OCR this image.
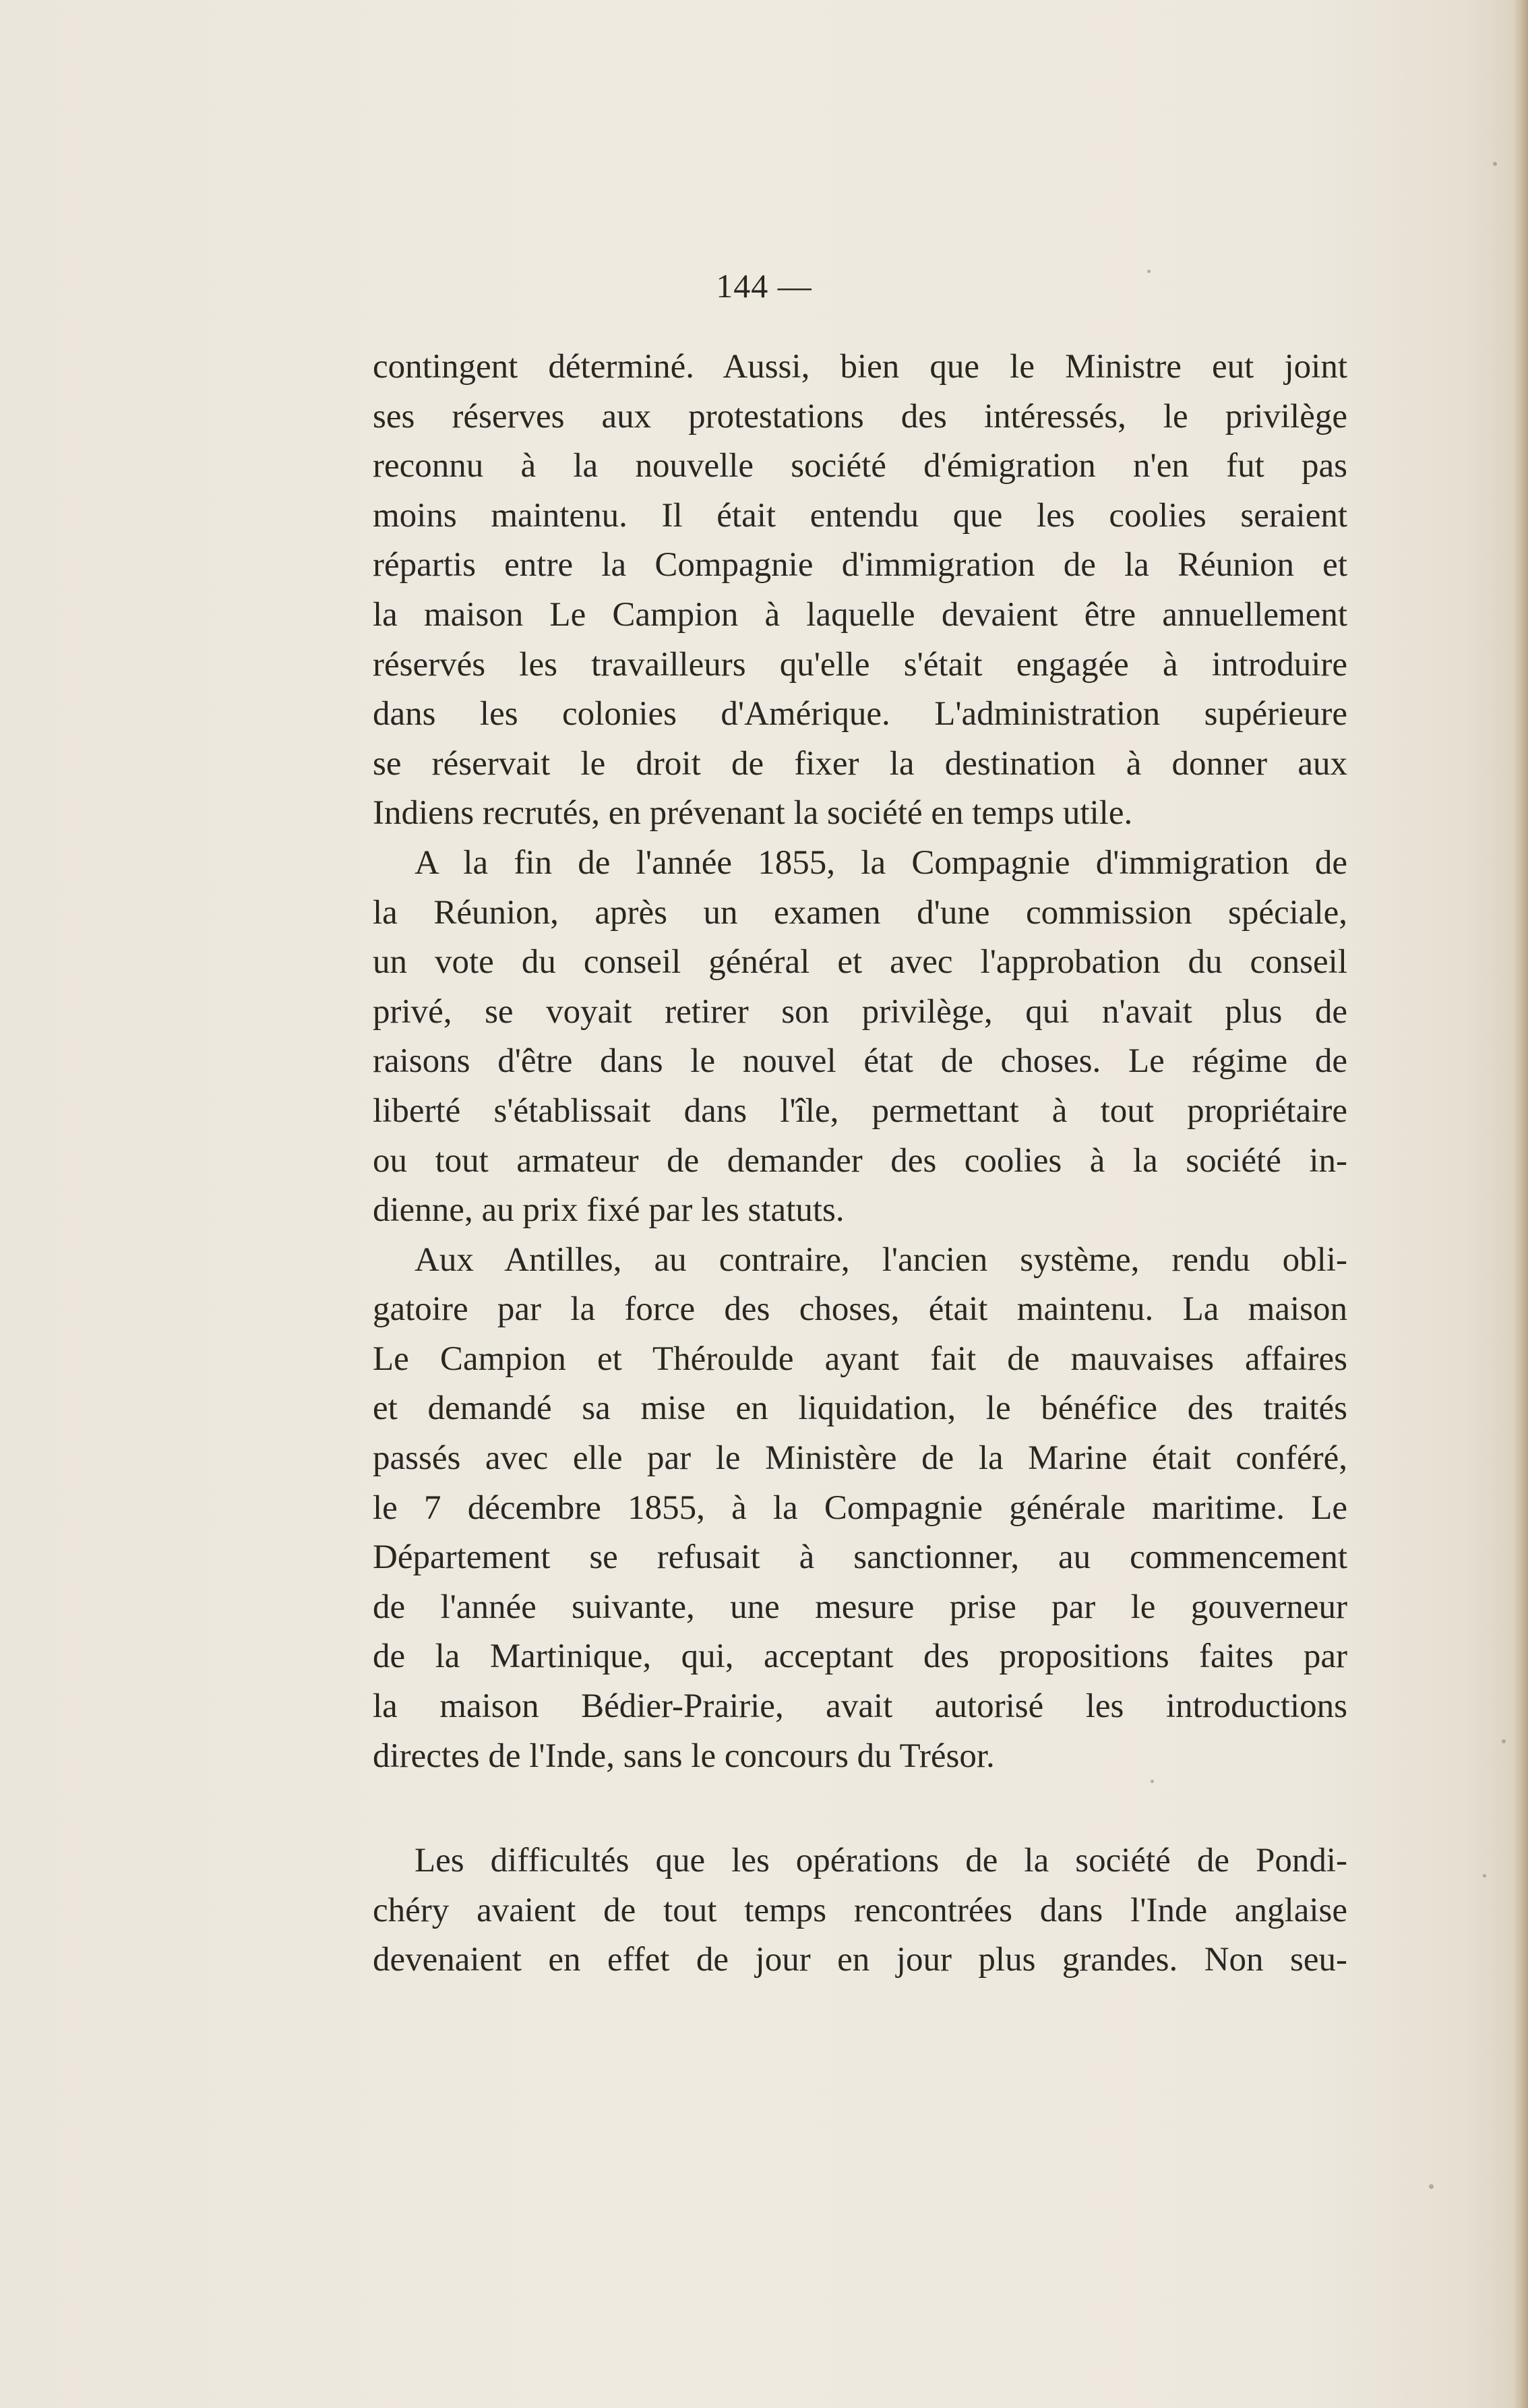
144 —
contingent déterminé. Aussi, bien que le Ministre eut joint
ses réserves aux protestations des intéressés, le privilège
reconnu à la nouvelle société d'émigration n'en fut pas
moins maintenu. Il était entendu que les coolies seraient
répartis entre la Compagnie d'immigration de la Réunion et
la maison Le Campion à laquelle devaient être annuellement
réservés les travailleurs qu'elle s'était engagée à introduire
dans les colonies d'Amérique. L'administration supérieure
se réservait le droit de fixer la destination à donner aux
Indiens recrutés, en prévenant la société en temps utile.
A la fin de l'année 1855, la Compagnie d'immigration de
la Réunion, après un examen d'une commission spéciale,
un vote du conseil général et avec l'approbation du conseil
privé, se voyait retirer son privilège, qui n'avait plus de
raisons d'être dans le nouvel état de choses. Le régime de
liberté s'établissait dans l'île, permettant à tout propriétaire
ou tout armateur de demander des coolies à la société in-
dienne, au prix fixé par les statuts.
Aux Antilles, au contraire, l'ancien système, rendu obli-
gatoire par la force des choses, était maintenu. La maison
Le Campion et Théroulde ayant fait de mauvaises affaires
et demandé sa mise en liquidation, le bénéfice des traités
passés avec elle par le Ministère de la Marine était conféré,
le 7 décembre 1855, à la Compagnie générale maritime. Le
Département se refusait à sanctionner, au commencement
de l'année suivante, une mesure prise par le gouverneur
de la Martinique, qui, acceptant des propositions faites par
la maison Bédier-Prairie, avait autorisé les introductions
directes de l'Inde, sans le concours du Trésor.
Les difficultés que les opérations de la société de Pondi-
chéry avaient de tout temps rencontrées dans l'Inde anglaise
devenaient en effet de jour en jour plus grandes. Non seu-
